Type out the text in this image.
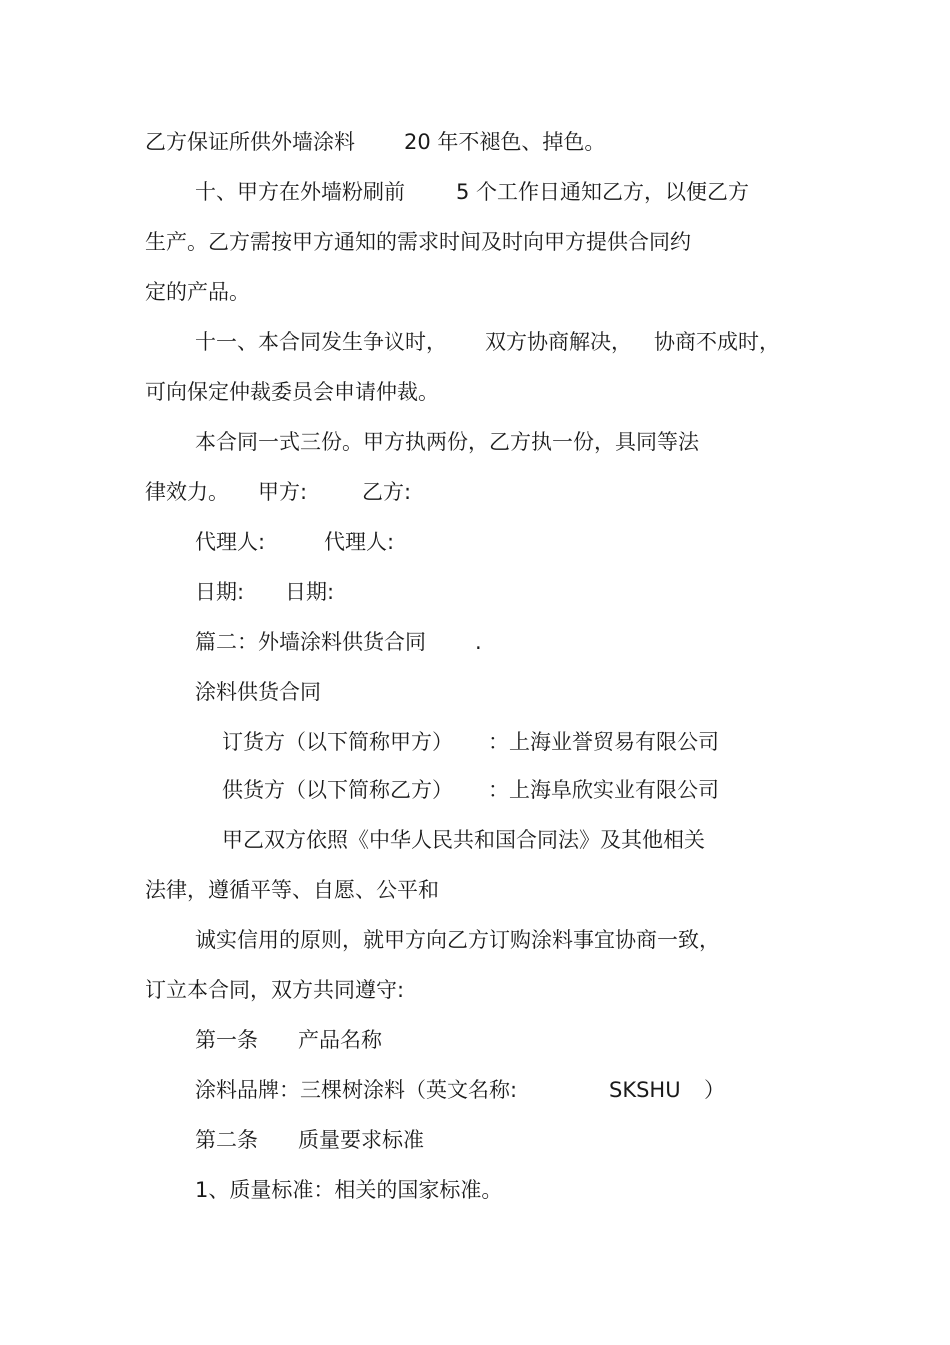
乙方保证所供外墙涂料 20 年不褪色、掉色。
十、甲方在外墙粉刷前 5 个工作日通知乙方，以便乙方
生产。乙方需按甲方通知的需求时间及时向甲方提供合同约
定的产品。
十一、本合同发生争议时， 双方协商解决， 协商不成时，
可向保定仲裁委员会申请仲裁。
本合同一式三份。甲方执两份，乙方执一份，具同等法
律效力。 甲方:	乙方:
代理人:	代理人:
日期: 日期:
篇二：外墙涂料供货合同 .
涂料供货合同
订货方（以下简称甲方） ：上海业誉贸易有限公司
供货方（以下简称乙方） ：上海阜欣实业有限公司
甲乙双方依照《中华人民共和国合同法》及其他相关
法律，遵循平等、自愿、公平和
诚实信用的原则，就甲方向乙方订购涂料事宜协商一致，
订立本合同，双方共同遵守:
第一条 产品名称
涂料品牌：三棵树涂料（英文名称:	SKSHU ）
第二条 质量要求标准
1、质量标准：相关的国家标准。
